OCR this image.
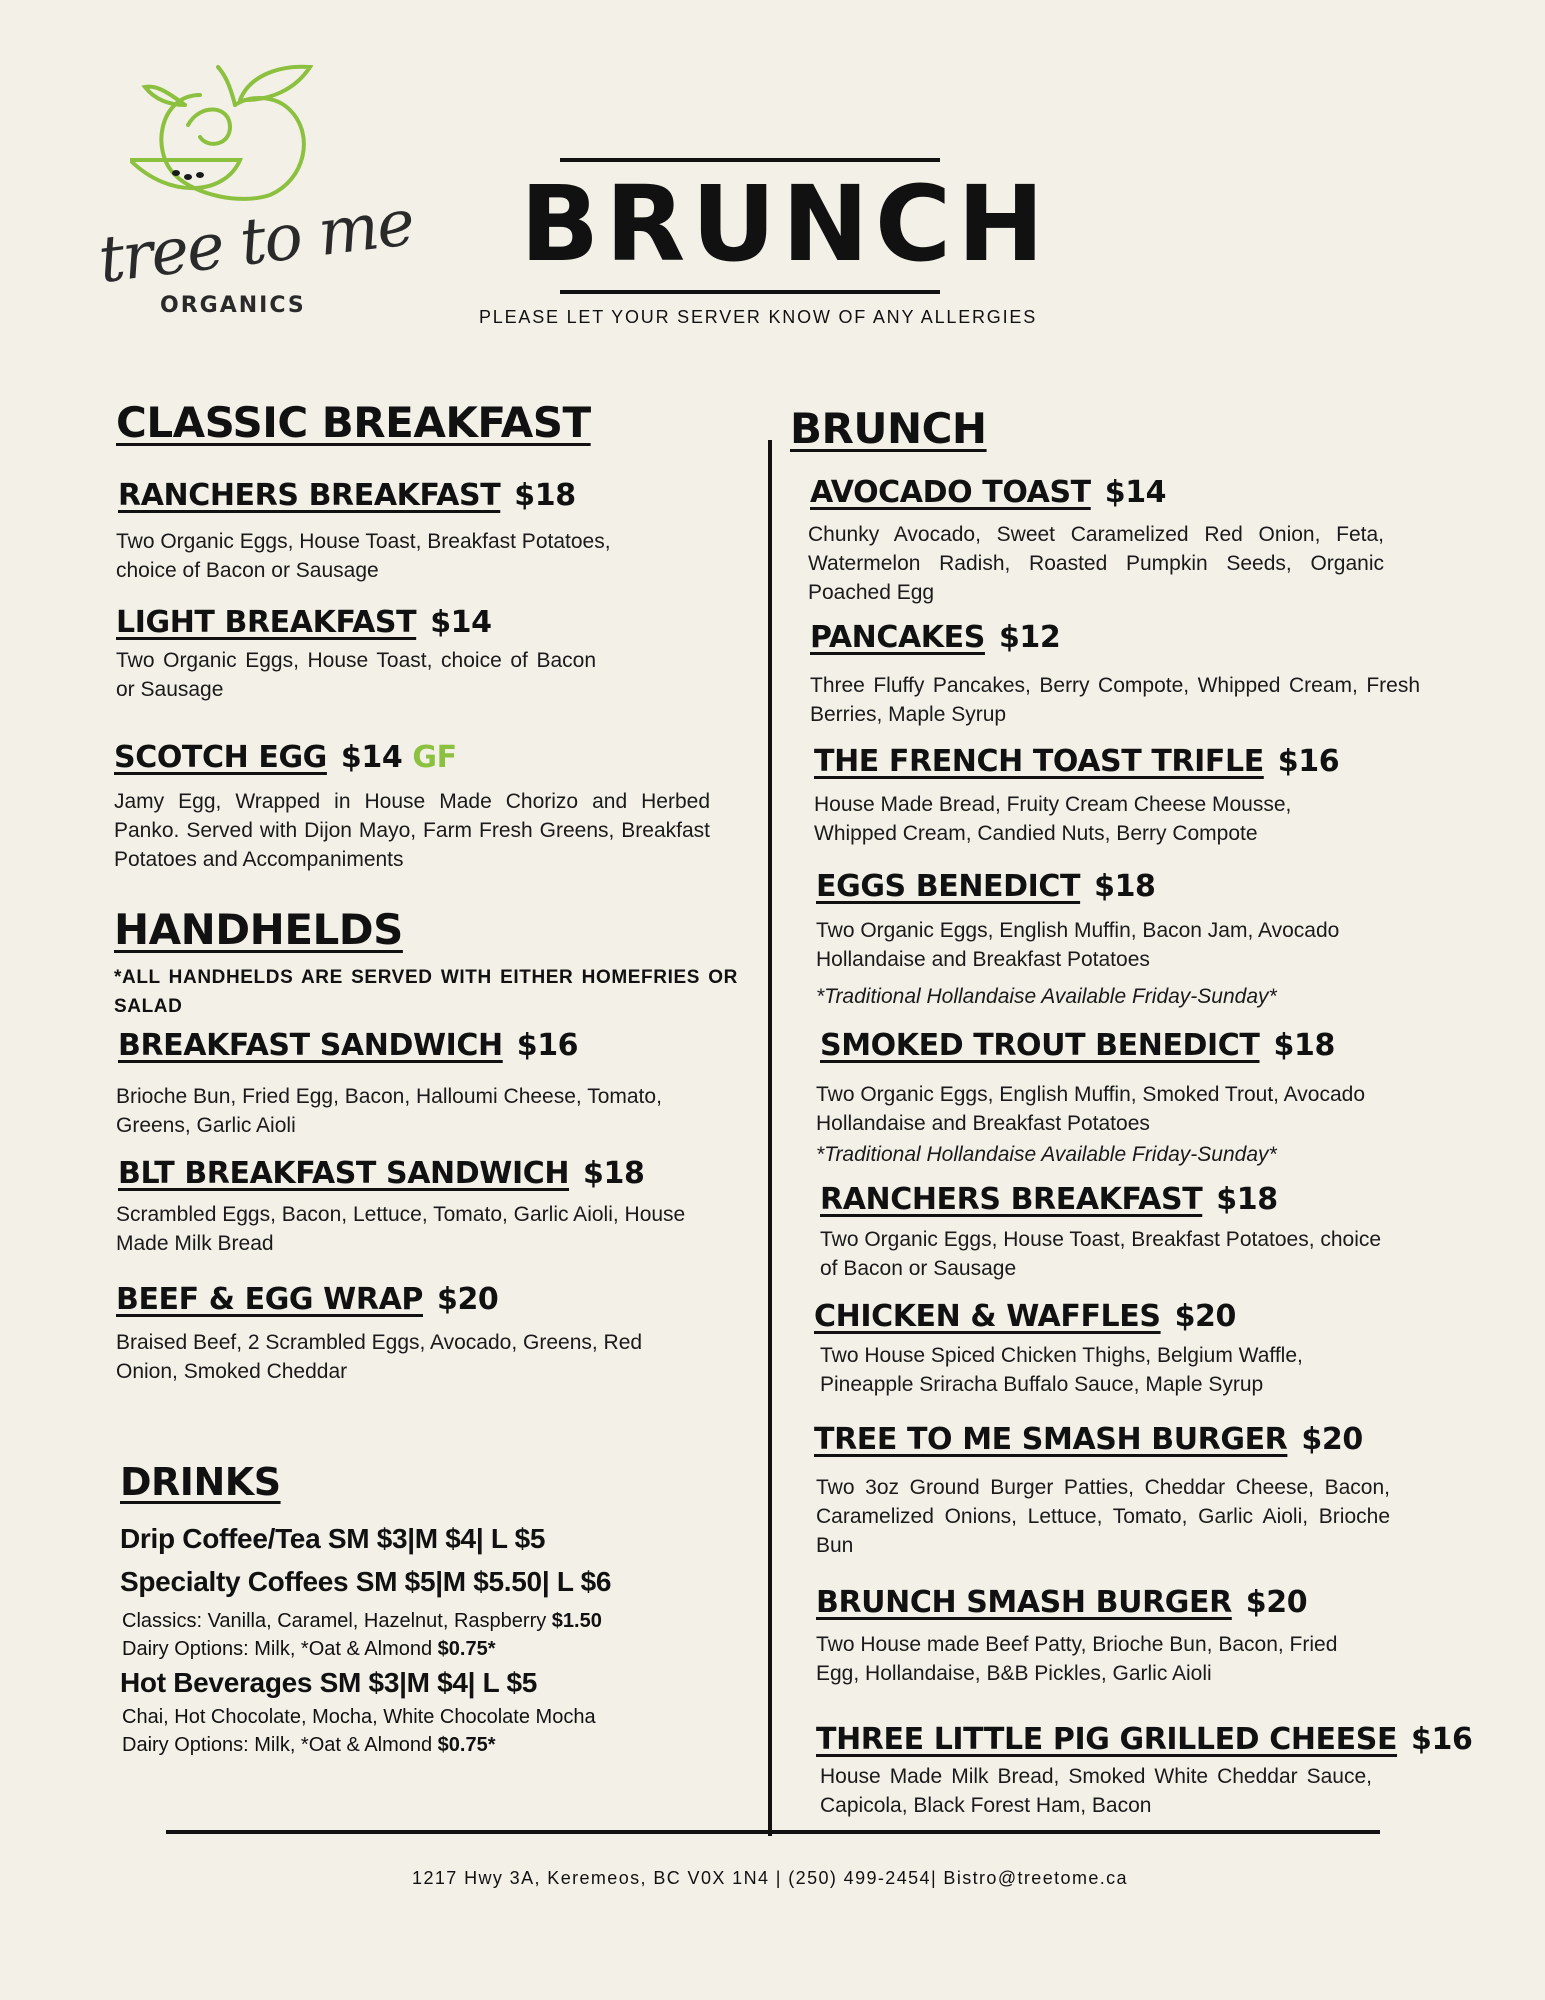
tree to me
ORGANICS
BRUNCH
PLEASE LET YOUR SERVER KNOW OF ANY ALLERGIES
CLASSIC BREAKFAST
RANCHERS BREAKFAST $18
Two Organic Eggs, House Toast, Breakfast Potatoes, choice of Bacon or Sausage
LIGHT BREAKFAST $14
Two Organic Eggs, House Toast, choice of Bacon or Sausage
SCOTCH EGG $14 GF
Jamy Egg, Wrapped in House Made Chorizo and Herbed Panko. Served with Dijon Mayo, Farm Fresh Greens, Breakfast Potatoes and Accompaniments
HANDHELDS
*ALL HANDHELDS ARE SERVED WITH EITHER HOMEFRIES OR SALAD
BREAKFAST SANDWICH $16
Brioche Bun, Fried Egg, Bacon, Halloumi Cheese, Tomato, Greens, Garlic Aioli
BLT BREAKFAST SANDWICH $18
Scrambled Eggs, Bacon, Lettuce, Tomato, Garlic Aioli, House Made Milk Bread
BEEF & EGG WRAP $20
Braised Beef, 2 Scrambled Eggs, Avocado, Greens, Red Onion, Smoked Cheddar
DRINKS
Drip Coffee/Tea SM $3|M $4| L $5
Specialty Coffees SM $5|M $5.50| L $6
Classics: Vanilla, Caramel, Hazelnut, Raspberry $1.50
Dairy Options: Milk, *Oat & Almond $0.75*
Hot Beverages SM $3|M $4| L $5
Chai, Hot Chocolate, Mocha, White Chocolate Mocha
Dairy Options: Milk, *Oat & Almond $0.75*
BRUNCH
AVOCADO TOAST $14
Chunky Avocado, Sweet Caramelized Red Onion, Feta, Watermelon Radish, Roasted Pumpkin Seeds, Organic Poached Egg
PANCAKES $12
Three Fluffy Pancakes, Berry Compote, Whipped Cream, Fresh Berries, Maple Syrup
THE FRENCH TOAST TRIFLE $16
House Made Bread, Fruity Cream Cheese Mousse, Whipped Cream, Candied Nuts, Berry Compote
EGGS BENEDICT $18
Two Organic Eggs, English Muffin, Bacon Jam, Avocado Hollandaise and Breakfast Potatoes
*Traditional Hollandaise Available Friday-Sunday*
SMOKED TROUT BENEDICT $18
Two Organic Eggs, English Muffin, Smoked Trout, Avocado Hollandaise and Breakfast Potatoes
*Traditional Hollandaise Available Friday-Sunday*
RANCHERS BREAKFAST $18
Two Organic Eggs, House Toast, Breakfast Potatoes, choice of Bacon or Sausage
CHICKEN & WAFFLES $20
Two House Spiced Chicken Thighs, Belgium Waffle, Pineapple Sriracha Buffalo Sauce, Maple Syrup
TREE TO ME SMASH BURGER $20
Two 3oz Ground Burger Patties, Cheddar Cheese, Bacon, Caramelized Onions, Lettuce, Tomato, Garlic Aioli, Brioche Bun
BRUNCH SMASH BURGER $20
Two House made Beef Patty, Brioche Bun, Bacon, Fried Egg, Hollandaise, B&B Pickles, Garlic Aioli
THREE LITTLE PIG GRILLED CHEESE $16
House Made Milk Bread, Smoked White Cheddar Sauce, Capicola, Black Forest Ham, Bacon
1217 Hwy 3A, Keremeos, BC V0X 1N4 | (250) 499-2454| Bistro@treetome.ca
